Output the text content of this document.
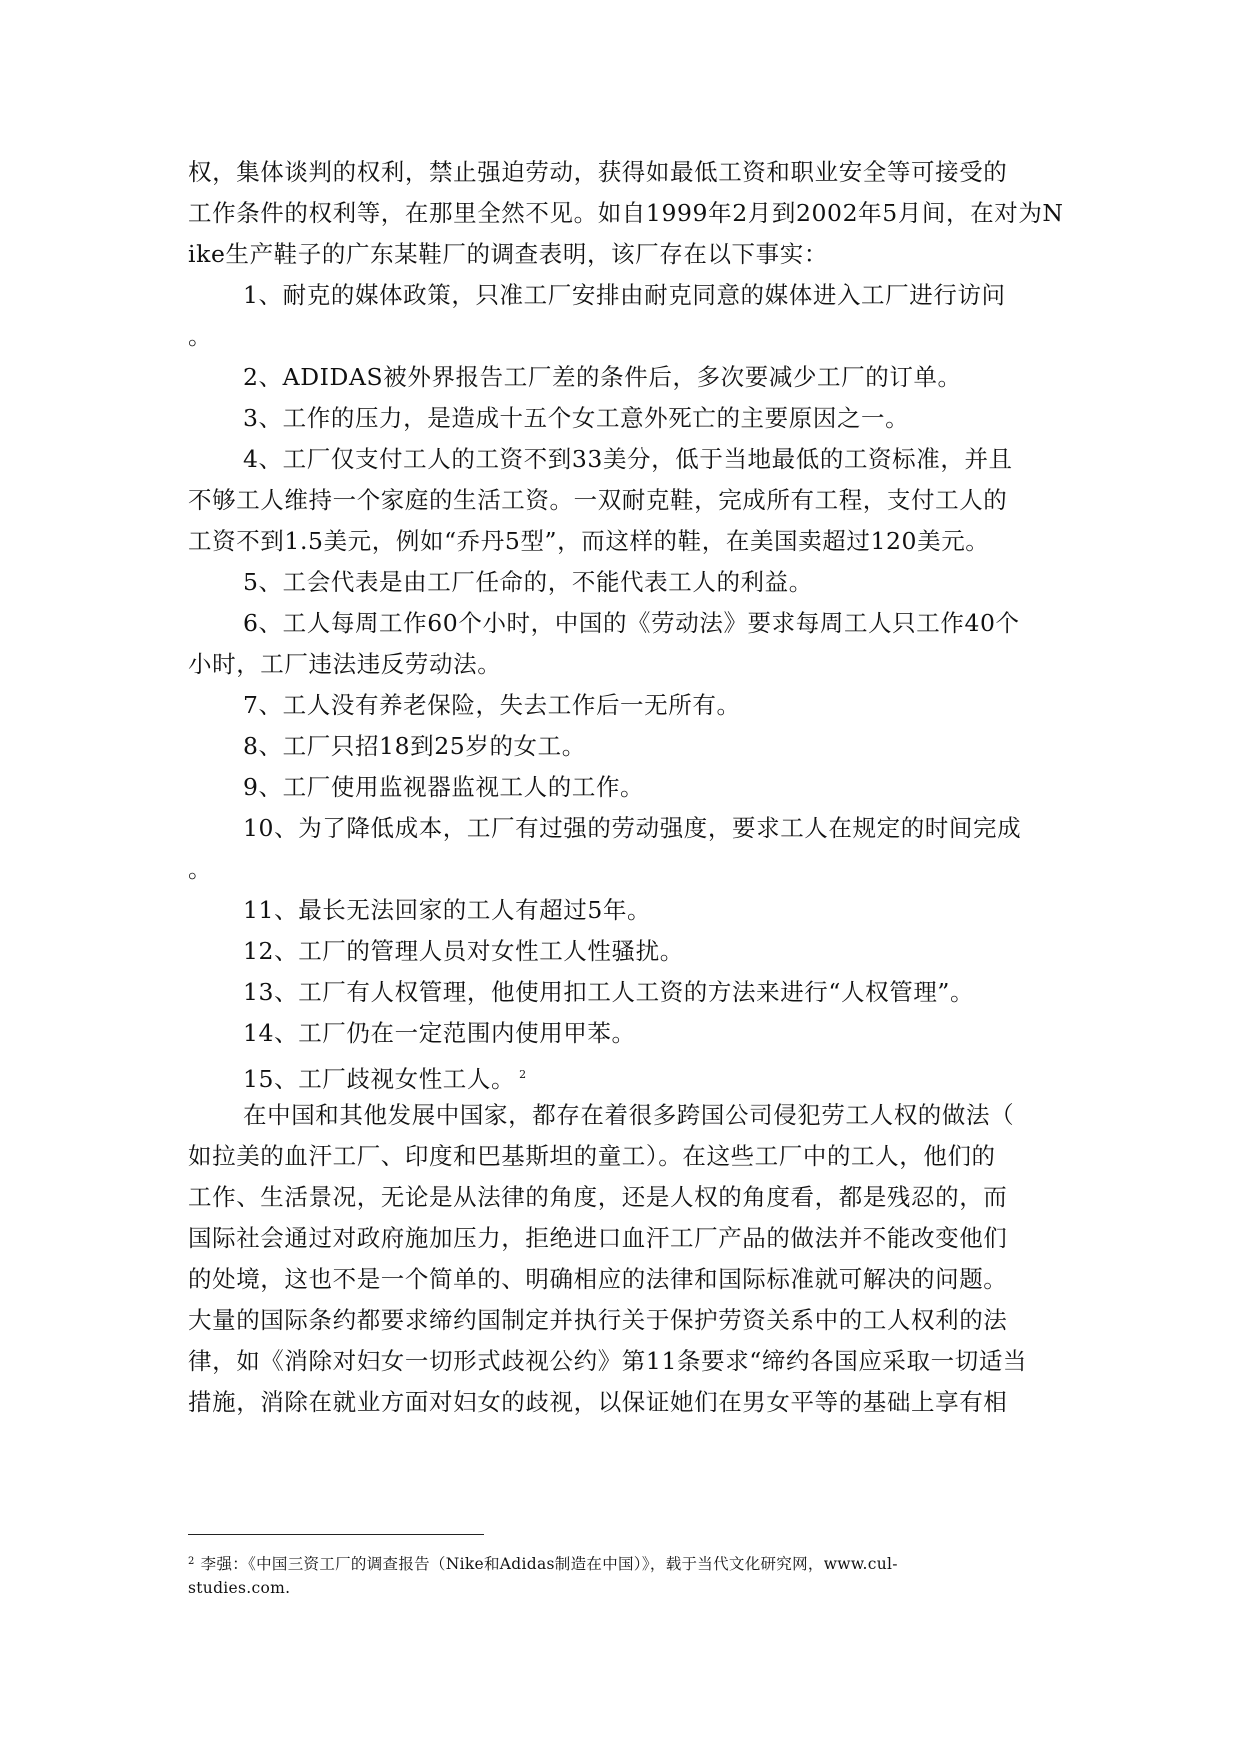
权，集体谈判的权利，禁止强迫劳动，获得如最低工资和职业安全等可接受的
工作条件的权利等，在那里全然不见。如自1999年2月到2002年5月间，在对为N
ike生产鞋子的广东某鞋厂的调查表明，该厂存在以下事实：
1、耐克的媒体政策，只准工厂安排由耐克同意的媒体进入工厂进行访问
。
2、ADIDAS被外界报告工厂差的条件后，多次要减少工厂的订单。
3、工作的压力，是造成十五个女工意外死亡的主要原因之一。
4、工厂仅支付工人的工资不到33美分，低于当地最低的工资标准，并且
不够工人维持一个家庭的生活工资。一双耐克鞋，完成所有工程，支付工人的
工资不到1.5美元，例如“乔丹5型”，而这样的鞋，在美国卖超过120美元。
5、工会代表是由工厂任命的，不能代表工人的利益。
6、工人每周工作60个小时，中国的《劳动法》要求每周工人只工作40个
小时，工厂违法违反劳动法。
7、工人没有养老保险，失去工作后一无所有。
8、工厂只招18到25岁的女工。
9、工厂使用监视器监视工人的工作。
10、为了降低成本，工厂有过强的劳动强度，要求工人在规定的时间完成
。
11、最长无法回家的工人有超过5年。
12、工厂的管理人员对女性工人性骚扰。
13、工厂有人权管理，他使用扣工人工资的方法来进行“人权管理”。
14、工厂仍在一定范围内使用甲苯。
15、工厂歧视女性工人。 $^2$
在中国和其他发展中国家，都存在着很多跨国公司侵犯劳工人权的做法（
如拉美的血汗工厂、印度和巴基斯坦的童工）。在这些工厂中的工人，他们的
工作、生活景况，无论是从法律的角度，还是人权的角度看，都是残忍的，而
国际社会通过对政府施加压力，拒绝进口血汗工厂产品的做法并不能改变他们
的处境，这也不是一个简单的、明确相应的法律和国际标准就可解决的问题。
大量的国际条约都要求缔约国制定并执行关于保护劳资关系中的工人权利的法
律，如《消除对妇女一切形式歧视公约》第11条要求“缔约各国应采取一切适当
措施，消除在就业方面对妇女的歧视，以保证她们在男女平等的基础上享有相
$^2$ 李强：《中国三资工厂的调查报告（Nike和Adidas制造在中国）》，载于当代文化研究网，www.cul-
studies.com.
